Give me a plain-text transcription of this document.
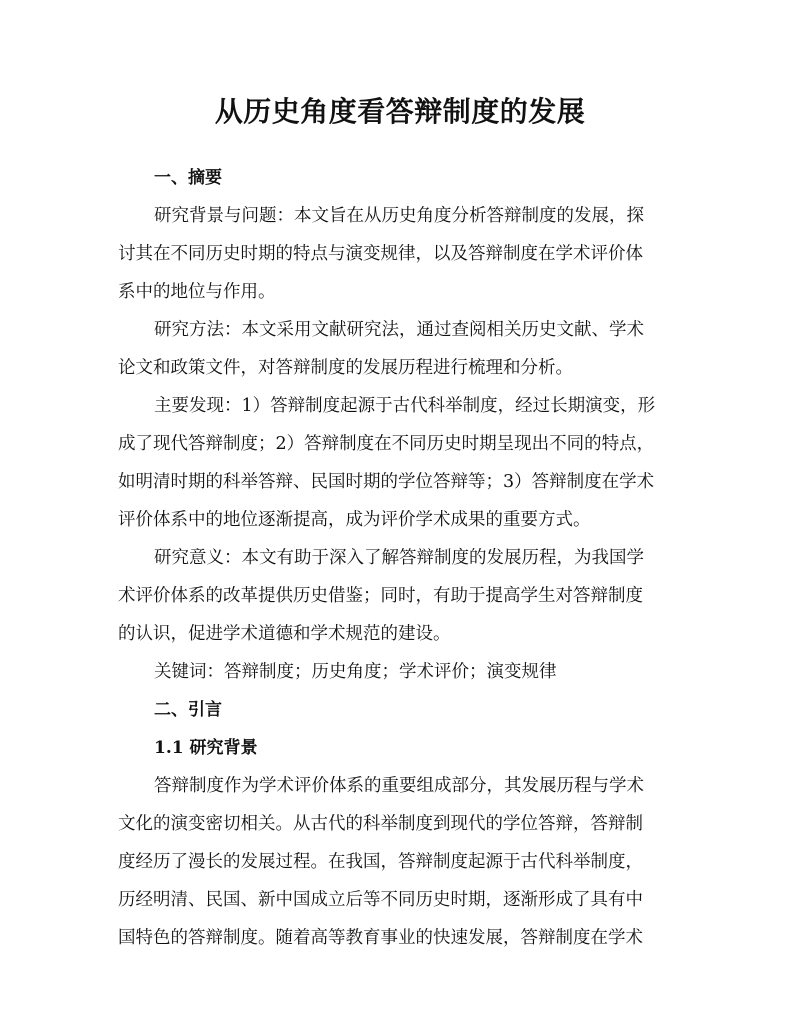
从历史角度看答辩制度的发展
一、摘要

研究背景与问题：本文旨在从历史角度分析答辩制度的发展，探
讨其在不同历史时期的特点与演变规律，以及答辩制度在学术评价体
系中的地位与作用。

研究方法：本文采用文献研究法，通过查阅相关历史文献、学术
论文和政策文件，对答辩制度的发展历程进行梳理和分析。

主要发现：1）答辩制度起源于古代科举制度，经过长期演变，形
成了现代答辩制度；2）答辩制度在不同历史时期呈现出不同的特点，
如明清时期的科举答辩、民国时期的学位答辩等；3）答辩制度在学术
评价体系中的地位逐渐提高，成为评价学术成果的重要方式。

研究意义：本文有助于深入了解答辩制度的发展历程，为我国学
术评价体系的改革提供历史借鉴；同时，有助于提高学生对答辩制度
的认识，促进学术道德和学术规范的建设。

关键词：答辩制度；历史角度；学术评价；演变规律

二、引言
1.1 研究背景

答辩制度作为学术评价体系的重要组成部分，其发展历程与学术
文化的演变密切相关。从古代的科举制度到现代的学位答辩，答辩制
度经历了漫长的发展过程。在我国，答辩制度起源于古代科举制度，
历经明清、民国、新中国成立后等不同历史时期，逐渐形成了具有中
国特色的答辩制度。随着高等教育事业的快速发展，答辩制度在学术
